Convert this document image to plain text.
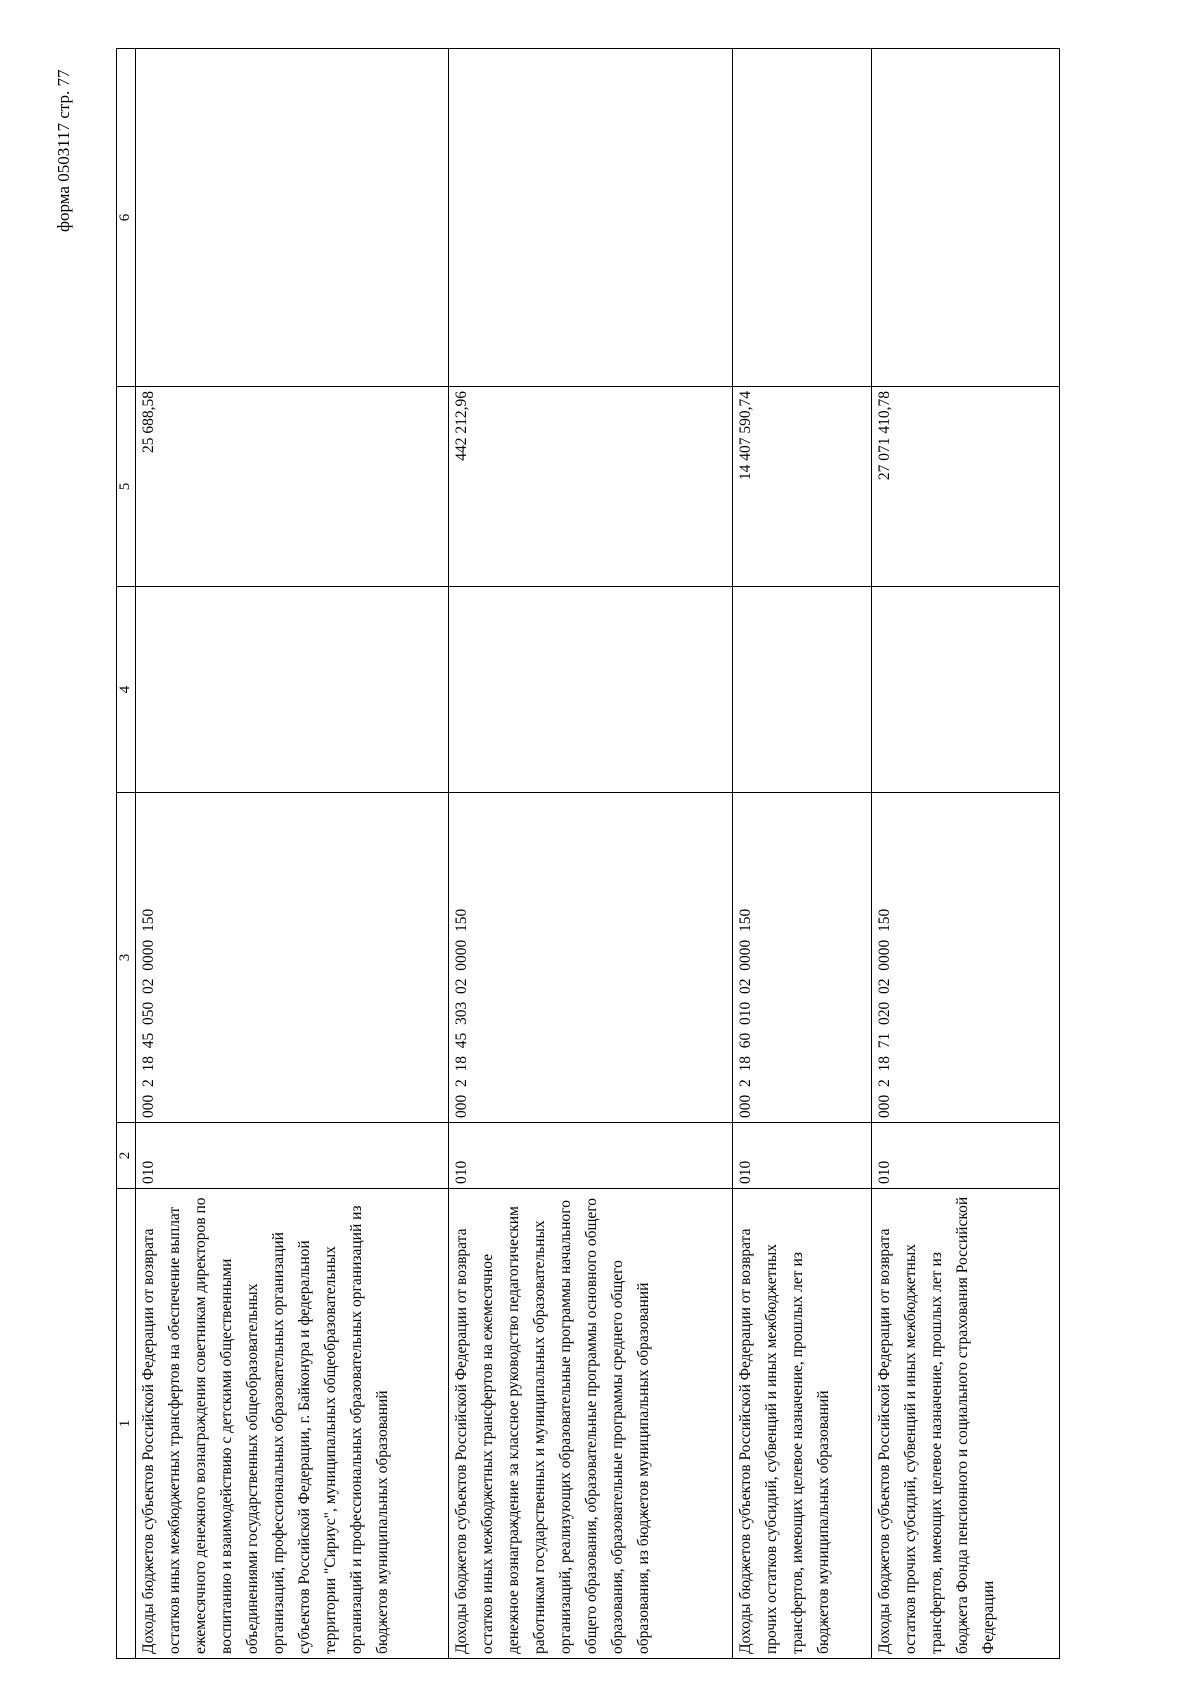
форма 0503117 стр. 77
1	2	3	4	5	6
Доходы бюджетов субъектов Российской Федерации от возврата остатков иных межбюджетных трансфертов на обеспечение выплат ежемесячного денежного вознаграждения советникам директоров по воспитанию и взаимодействию с детскими общественными объединениями государственных общеобразовательных организаций, профессиональных образовательных организаций субъектов Российской Федерации, г. Байконура и федеральной территории "Сириус", муниципальных общеобразовательных организаций и профессиональных образовательных организаций из бюджетов муниципальных образований	010	000  2  18  45  050  02  0000  150		25 688,58	
Доходы бюджетов субъектов Российской Федерации от возврата остатков иных межбюджетных трансфертов на ежемесячное денежное вознаграждение за классное руководство педагогическим работникам государственных и муниципальных образовательных организаций, реализующих образовательные программы начального общего образования, образовательные программы основного общего образования, образовательные программы среднего общего образования, из бюджетов муниципальных образований	010	000  2  18  45  303  02  0000  150		442 212,96	
Доходы бюджетов субъектов Российской Федерации от возврата прочих остатков субсидий, субвенций и иных межбюджетных трансфертов, имеющих целевое назначение, прошлых лет из бюджетов муниципальных образований	010	000  2  18  60  010  02  0000  150		14 407 590,74	
Доходы бюджетов субъектов Российской Федерации от возврата остатков прочих субсидий, субвенций и иных межбюджетных трансфертов, имеющих целевое назначение, прошлых лет из бюджета Фонда пенсионного и социального страхования Российской Федерации	010	000  2  18  71  020  02  0000  150		27 071 410,78	
